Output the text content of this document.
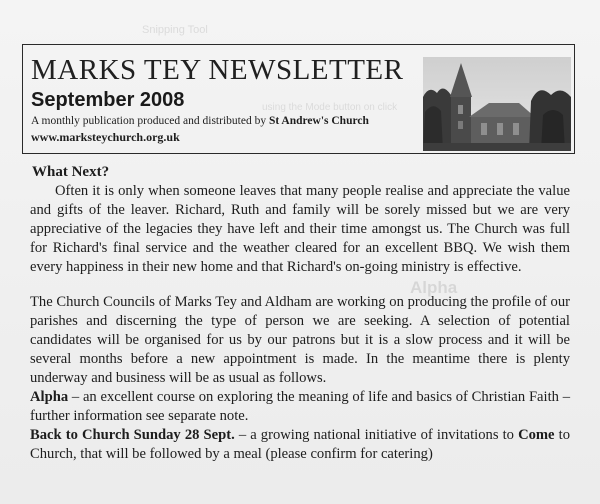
Snipping Tool
using the Mode button on click
Alpha
MARKS TEY NEWSLETTER
September 2008
A monthly publication produced and distributed by St Andrew's Church
www.marksteychurch.org.uk
What Next?

Often it is only when someone leaves that many people realise and appreciate the value and gifts of the leaver. Richard, Ruth and family will be sorely missed but we are very appreciative of the legacies they have left and their time amongst us. The Church was full for Richard's final service and the weather cleared for an excellent BBQ. We wish them every happiness in their new home and that Richard's on-going ministry is effective.

The Church Councils of Marks Tey and Aldham are working on producing the profile of our parishes and discerning the type of person we are seeking. A selection of potential candidates will be organised for us by our patrons but it is a slow process and it will be several months before a new appointment is made. In the meantime there is plenty underway and business will be as usual as follows.

Alpha – an excellent course on exploring the meaning of life and basics of Christian Faith – further information see separate note.

Back to Church Sunday 28 Sept. – a growing national initiative of invitations to Come to Church, that will be followed by a meal (please confirm for catering)
